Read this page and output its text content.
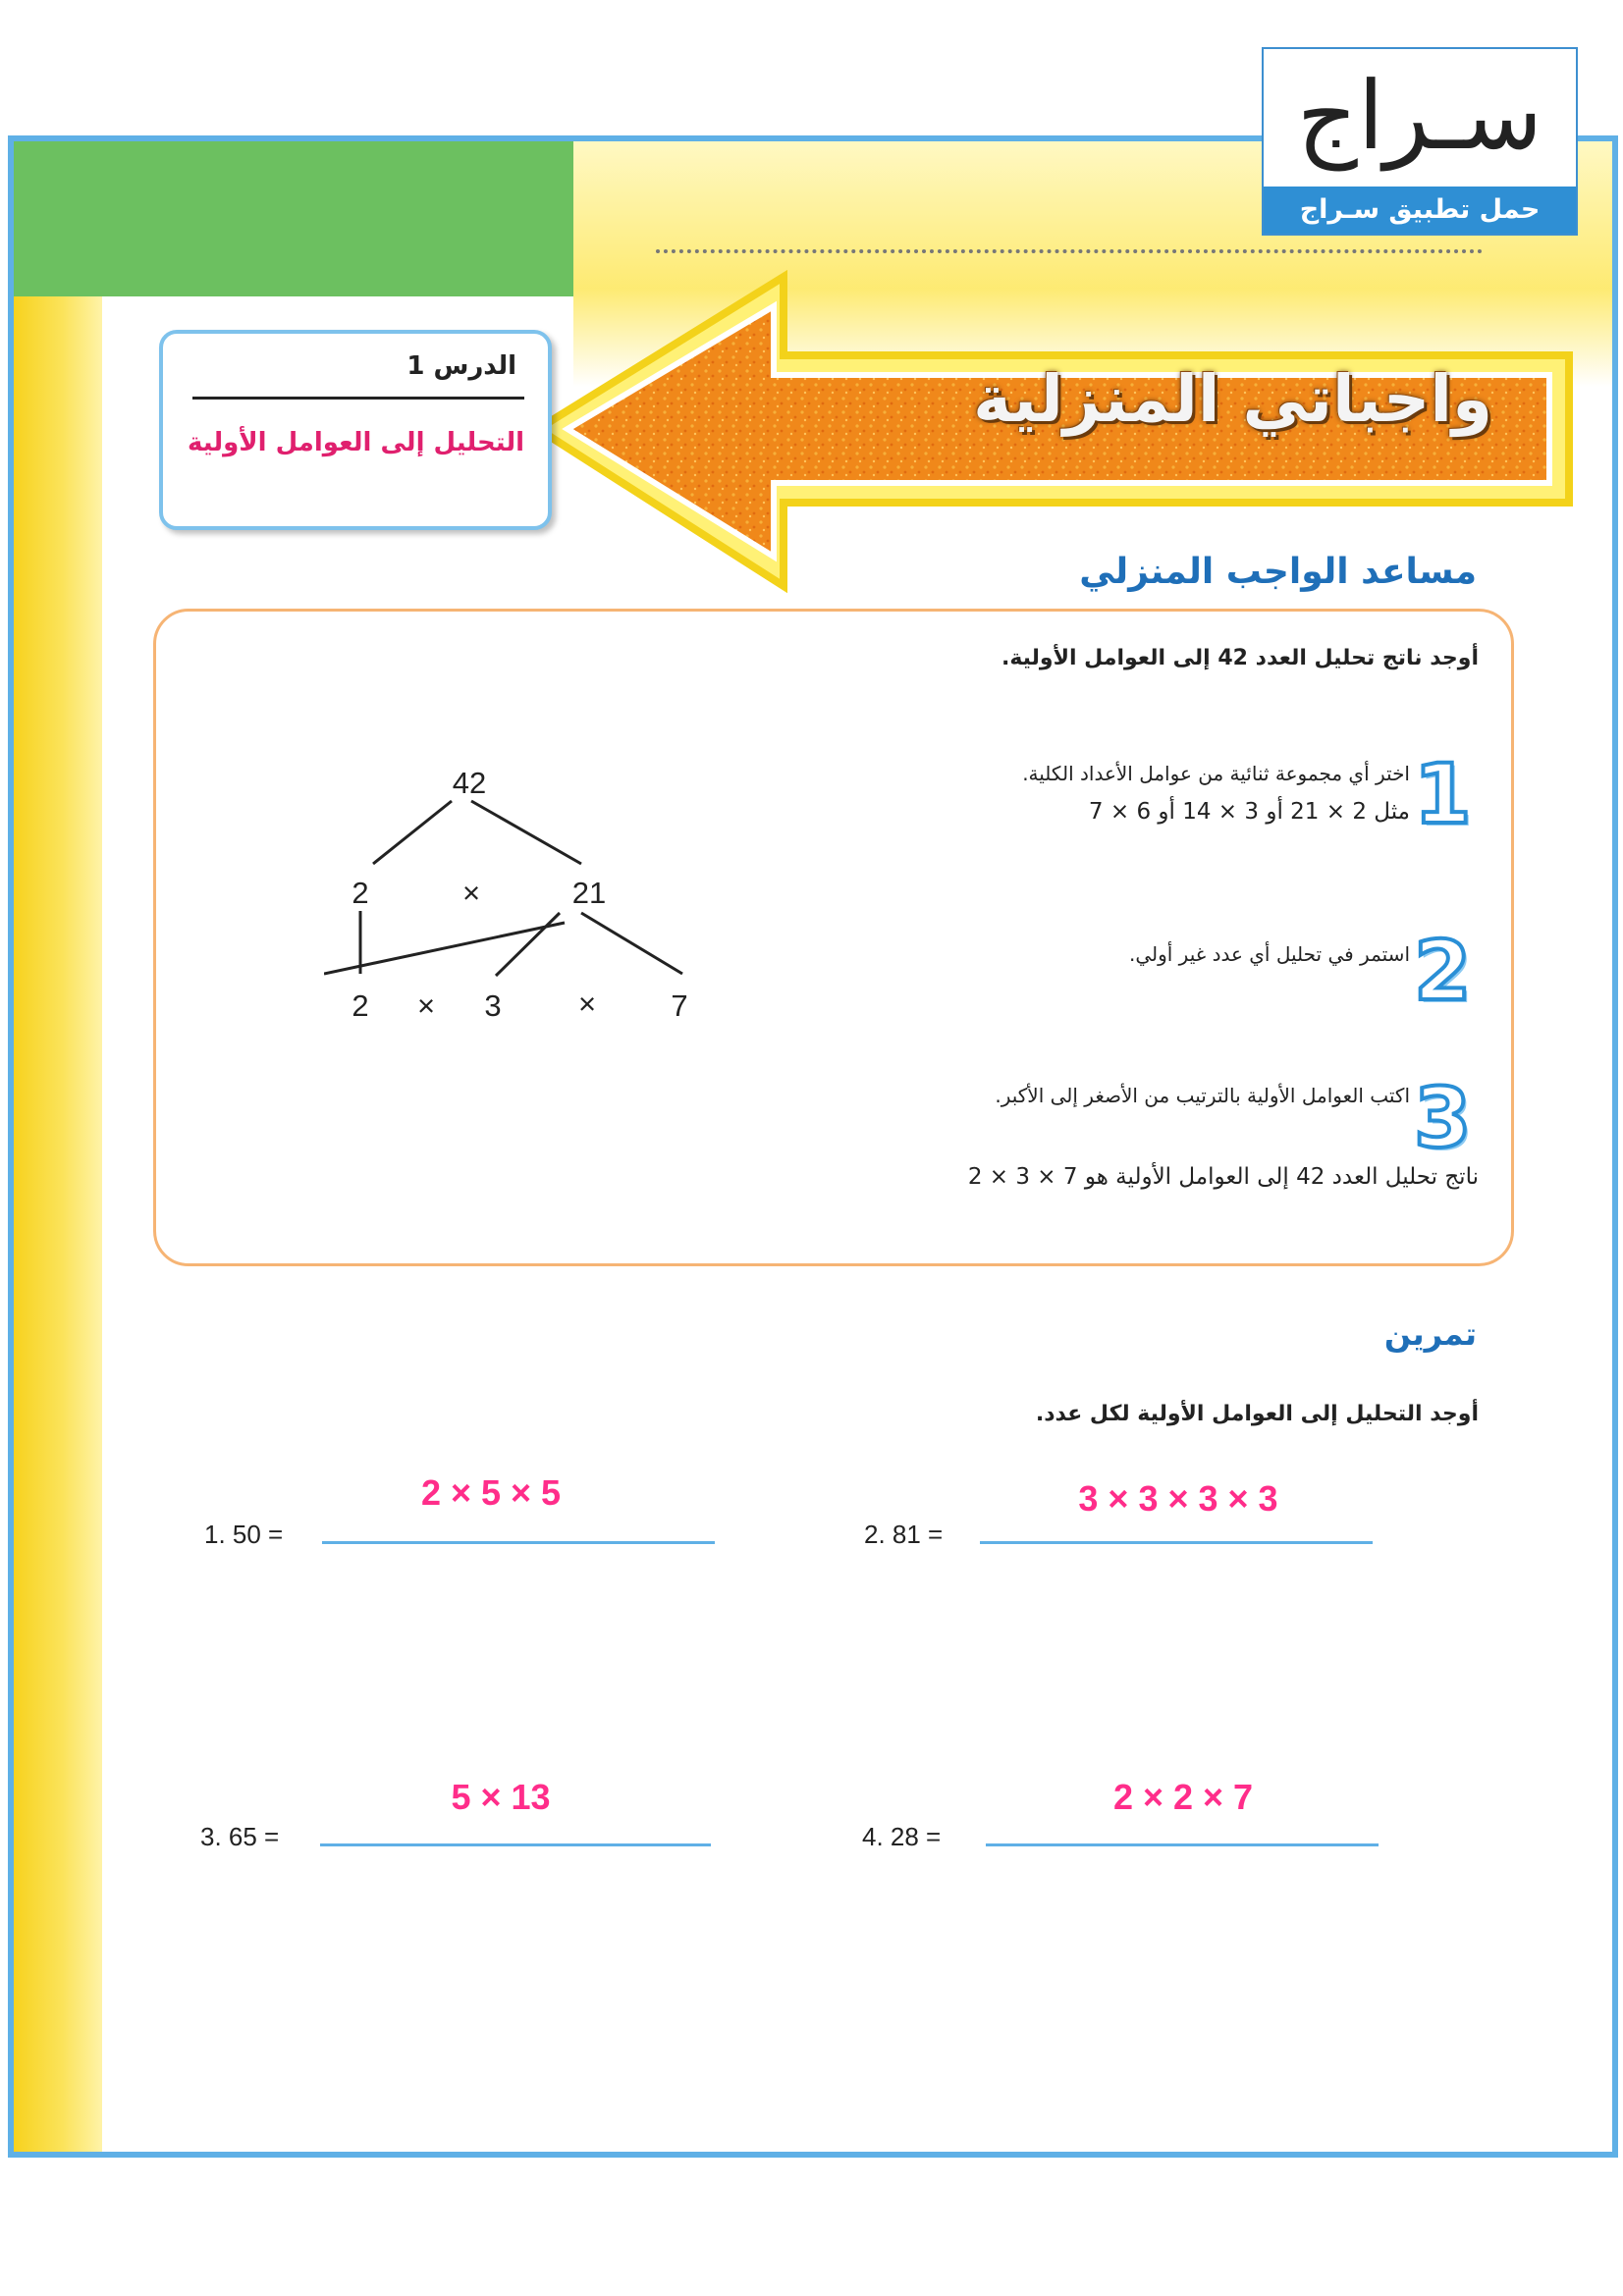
سـراج
حمل تطبيق سـراج
واجباتي المنزلية
الدرس 1
التحليل إلى العوامل الأولية
مساعد الواجب المنزلي
أوجد ناتج تحليل العدد 42 إلى العوامل الأولية.
1
اختر أي مجموعة ثنائية من عوامل الأعداد الكلية.
مثل 2 × 21 أو 3 × 14 أو 6 × 7
2
استمر في تحليل أي عدد غير أولي.
3
اكتب العوامل الأولية بالترتيب من الأصغر إلى الأكبر.
ناتج تحليل العدد 42 إلى العوامل الأولية هو 7 × 3 × 2
42
2	×	21
2 × 3	× 7
تمرين
أوجد التحليل إلى العوامل الأولية لكل عدد.
2 × 5 × 5
1. 50 =
3 × 3 × 3 × 3
2. 81 =
5 × 13
3. 65 =
2 × 2 × 7
4. 28 =
